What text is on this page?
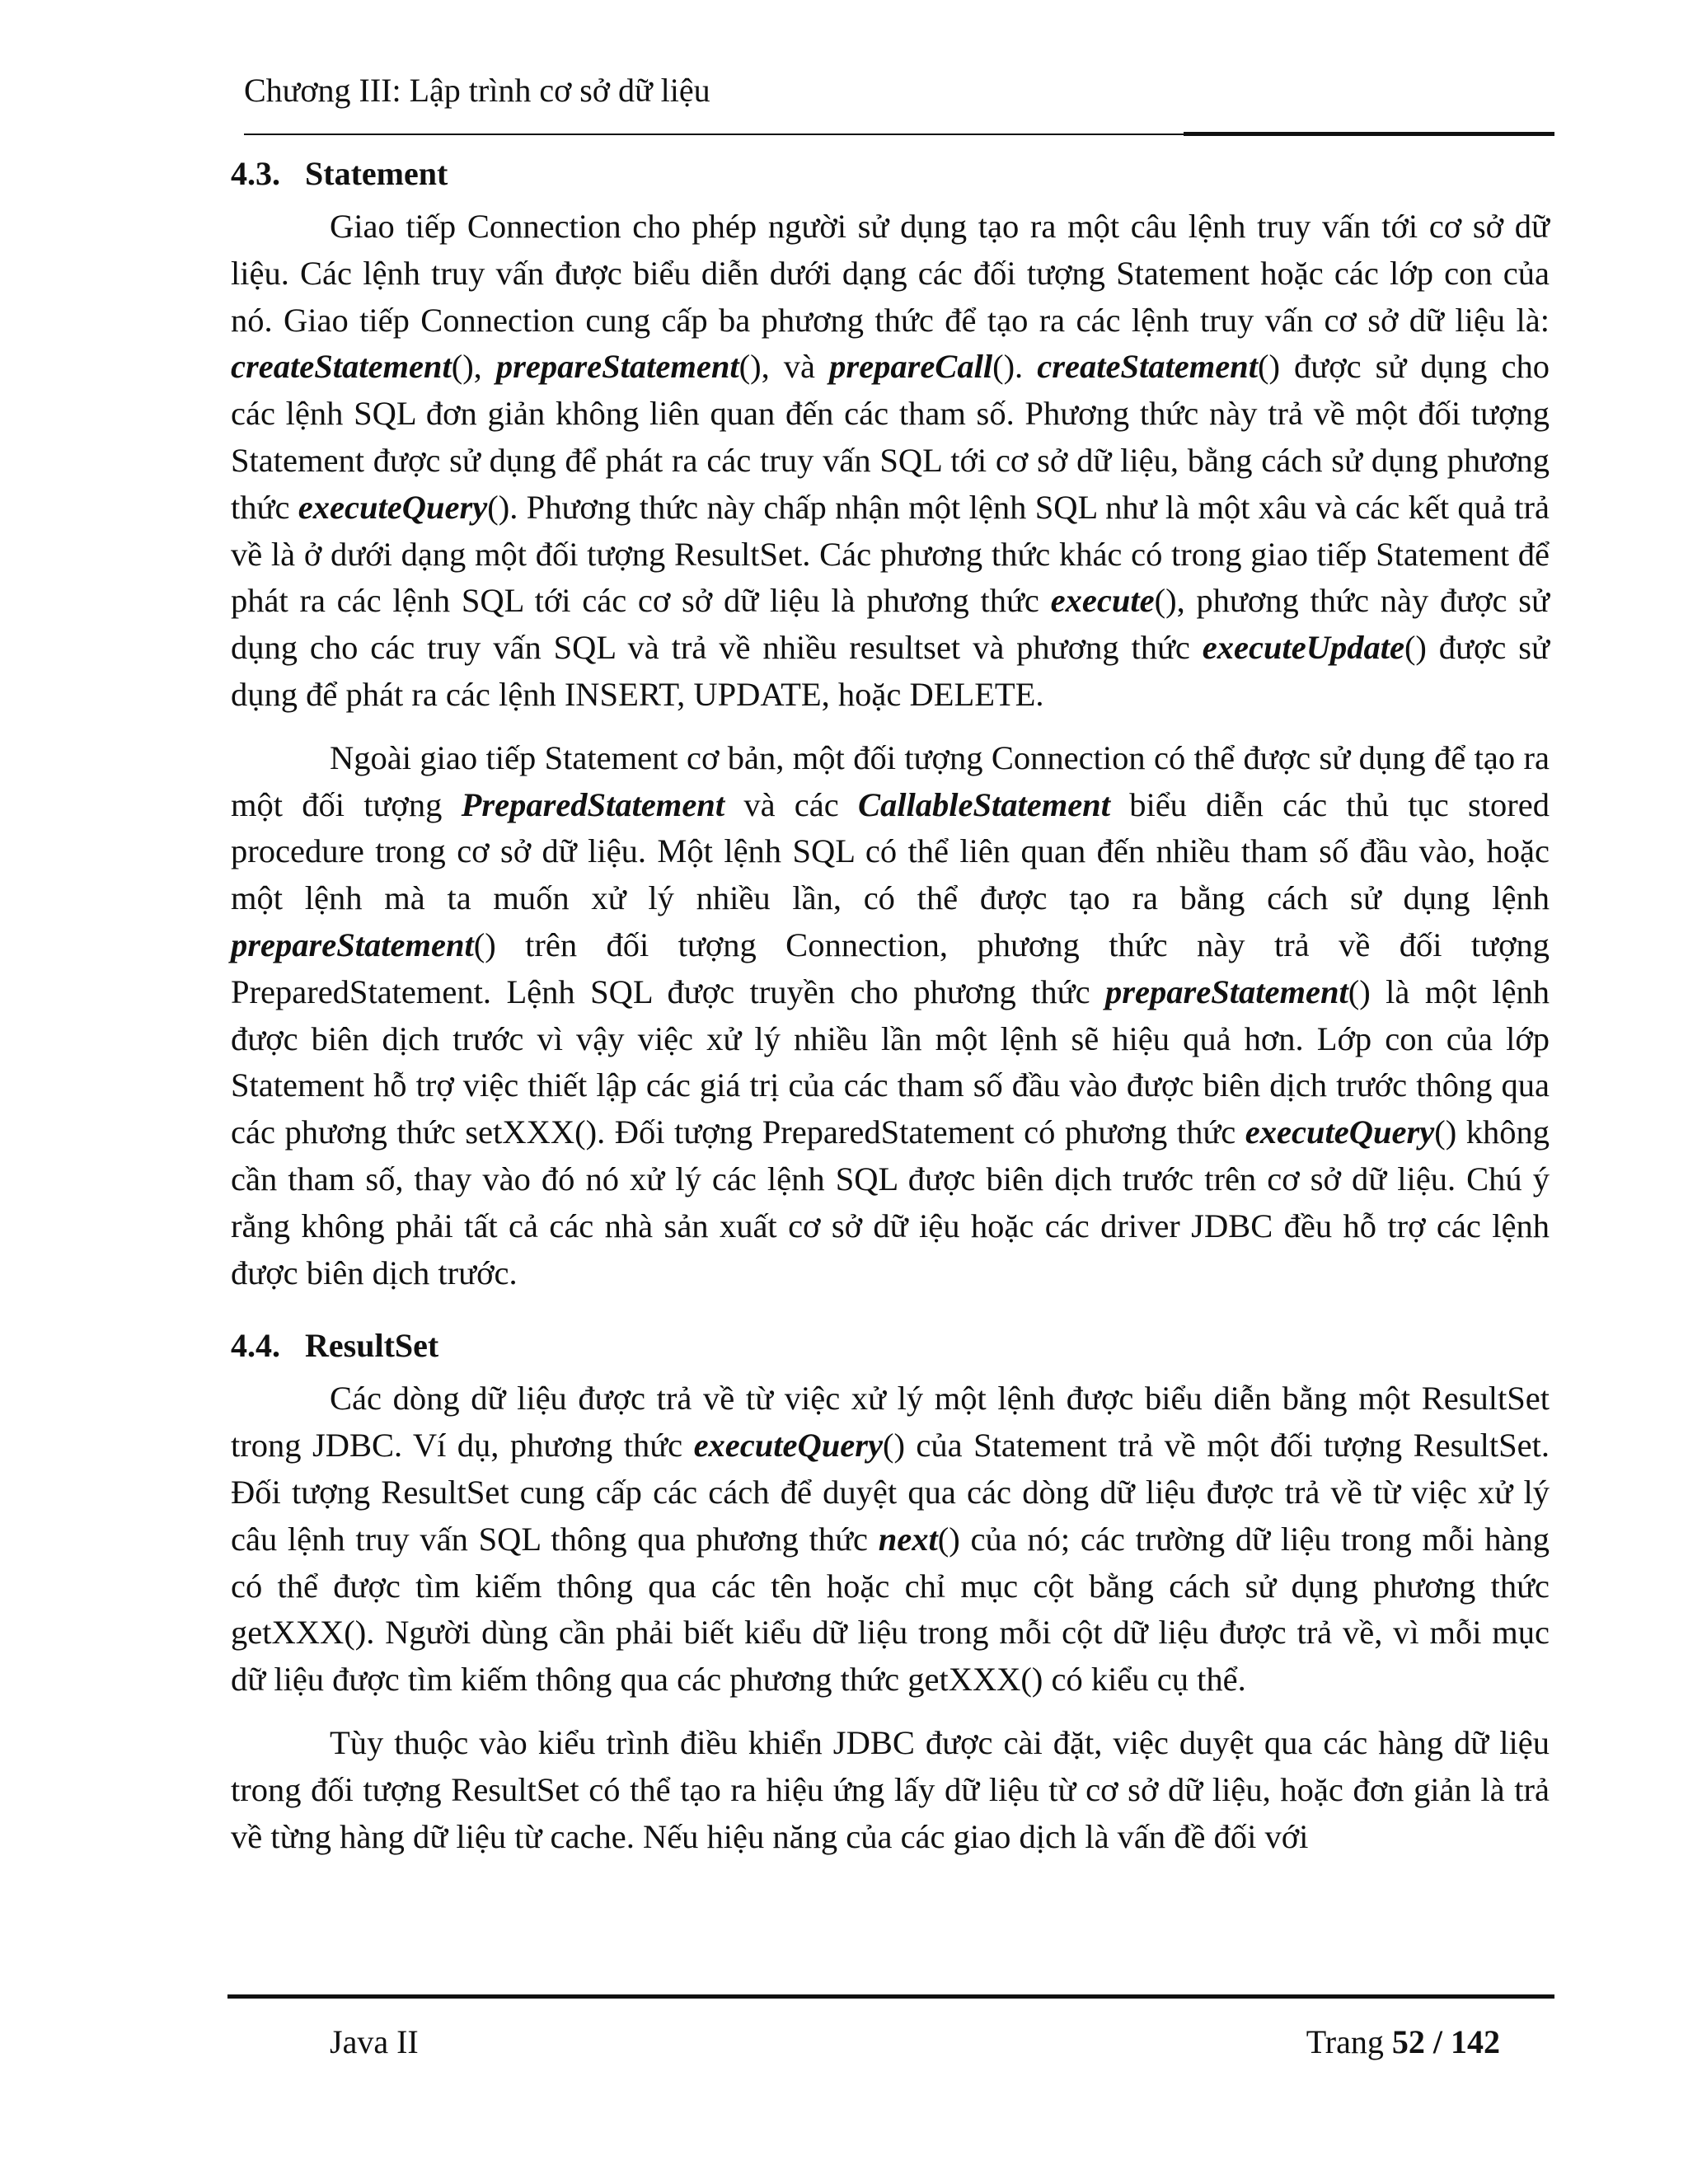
Chương III: Lập trình cơ sở dữ liệu
4.3. Statement

Giao tiếp Connection cho phép người sử dụng tạo ra một câu lệnh truy vấn tới cơ sở dữ liệu. Các lệnh truy vấn được biểu diễn dưới dạng các đối tượng Statement hoặc các lớp con của nó. Giao tiếp Connection cung cấp ba phương thức để tạo ra các lệnh truy vấn cơ sở dữ liệu là: createStatement(), prepareStatement(), và prepareCall(). createStatement() được sử dụng cho các lệnh SQL đơn giản không liên quan đến các tham số. Phương thức này trả về một đối tượng Statement được sử dụng để phát ra các truy vấn SQL tới cơ sở dữ liệu, bằng cách sử dụng phương thức executeQuery(). Phương thức này chấp nhận một lệnh SQL như là một xâu và các kết quả trả về là ở dưới dạng một đối tượng ResultSet. Các phương thức khác có trong giao tiếp Statement để phát ra các lệnh SQL tới các cơ sở dữ liệu là phương thức execute(), phương thức này được sử dụng cho các truy vấn SQL và trả về nhiều resultset và phương thức executeUpdate() được sử dụng để phát ra các lệnh INSERT, UPDATE, hoặc DELETE.

Ngoài giao tiếp Statement cơ bản, một đối tượng Connection có thể được sử dụng để tạo ra một đối tượng PreparedStatement và các CallableStatement biểu diễn các thủ tục stored procedure trong cơ sở dữ liệu. Một lệnh SQL có thể liên quan đến nhiều tham số đầu vào, hoặc một lệnh mà ta muốn xử lý nhiều lần, có thể được tạo ra bằng cách sử dụng lệnh prepareStatement() trên đối tượng Connection, phương thức này trả về đối tượng PreparedStatement. Lệnh SQL được truyền cho phương thức prepareStatement() là một lệnh được biên dịch trước vì vậy việc xử lý nhiều lần một lệnh sẽ hiệu quả hơn. Lớp con của lớp Statement hỗ trợ việc thiết lập các giá trị của các tham số đầu vào được biên dịch trước thông qua các phương thức setXXX(). Đối tượng PreparedStatement có phương thức executeQuery() không cần tham số, thay vào đó nó xử lý các lệnh SQL được biên dịch trước trên cơ sở dữ liệu. Chú ý rằng không phải tất cả các nhà sản xuất cơ sở dữ iệu hoặc các driver JDBC đều hỗ trợ các lệnh được biên dịch trước.

4.4. ResultSet

Các dòng dữ liệu được trả về từ việc xử lý một lệnh được biểu diễn bằng một ResultSet trong JDBC. Ví dụ, phương thức executeQuery() của Statement trả về một đối tượng ResultSet. Đối tượng ResultSet cung cấp các cách để duyệt qua các dòng dữ liệu được trả về từ việc xử lý câu lệnh truy vấn SQL thông qua phương thức next() của nó; các trường dữ liệu trong mỗi hàng có thể được tìm kiếm thông qua các tên hoặc chỉ mục cột bằng cách sử dụng phương thức getXXX(). Người dùng cần phải biết kiểu dữ liệu trong mỗi cột dữ liệu được trả về, vì mỗi mục dữ liệu được tìm kiếm thông qua các phương thức getXXX() có kiểu cụ thể.

Tùy thuộc vào kiểu trình điều khiển JDBC được cài đặt, việc duyệt qua các hàng dữ liệu trong đối tượng ResultSet có thể tạo ra hiệu ứng lấy dữ liệu từ cơ sở dữ liệu, hoặc đơn giản là trả về từng hàng dữ liệu từ cache. Nếu hiệu năng của các giao dịch là vấn đề đối với

Java II	Trang 52 / 142
